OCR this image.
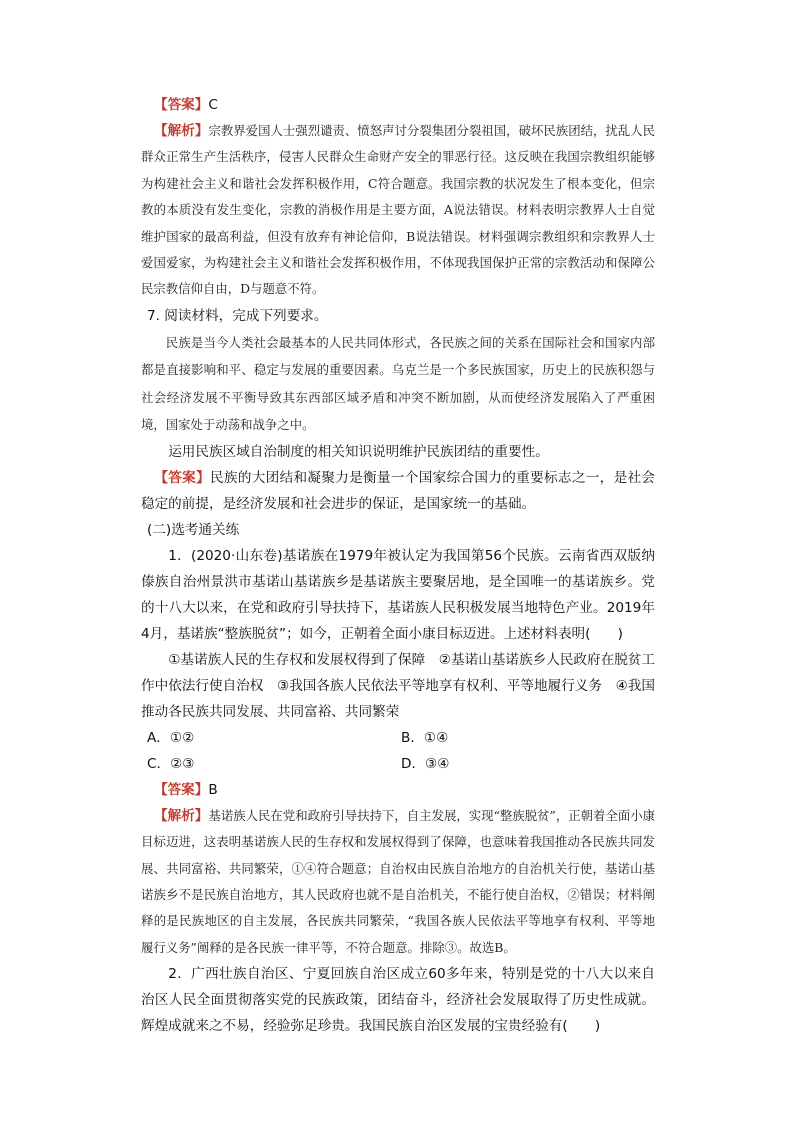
【答案】C

【解析】宗教界爱国人士强烈谴责、愤怒声讨分裂集团分裂祖国，破坏民族团结，扰乱人民群众正常生产生活秩序，侵害人民群众生命财产安全的罪恶行径。这反映在我国宗教组织能够为构建社会主义和谐社会发挥积极作用，C符合题意。我国宗教的状况发生了根本变化，但宗教的本质没有发生变化，宗教的消极作用是主要方面，A说法错误。材料表明宗教界人士自觉维护国家的最高利益，但没有放弃有神论信仰，B说法错误。材料强调宗教组织和宗教界人士爱国爱家，为构建社会主义和谐社会发挥积极作用，不体现我国保护正常的宗教活动和保障公民宗教信仰自由，D与题意不符。

7. 阅读材料，完成下列要求。

民族是当今人类社会最基本的人民共同体形式，各民族之间的关系在国际社会和国家内部都是直接影响和平、稳定与发展的重要因素。乌克兰是一个多民族国家，历史上的民族积怨与社会经济发展不平衡导致其东西部区域矛盾和冲突不断加剧，从而使经济发展陷入了严重困境，国家处于动荡和战争之中。

运用民族区域自治制度的相关知识说明维护民族团结的重要性。

【答案】民族的大团结和凝聚力是衡量一个国家综合国力的重要标志之一，是社会稳定的前提，是经济发展和社会进步的保证，是国家统一的基础。

(二)选考通关练

1．(2020·山东卷)基诺族在1979年被认定为我国第56个民族。云南省西双版纳傣族自治州景洪市基诺山基诺族乡是基诺族主要聚居地，是全国唯一的基诺族乡。党的十八大以来，在党和政府引导扶持下，基诺族人民积极发展当地特色产业。2019年4月，基诺族“整族脱贫”；如今，正朝着全面小康目标迈进。上述材料表明(　　)

①基诺族人民的生存权和发展权得到了保障　②基诺山基诺族乡人民政府在脱贫工作中依法行使自治权　③我国各族人民依法平等地享有权利、平等地履行义务　④我国推动各民族共同发展、共同富裕、共同繁荣

A．①②	B．①④
C．②③	D．③④

【答案】B

【解析】基诺族人民在党和政府引导扶持下，自主发展，实现“整族脱贫”，正朝着全面小康目标迈进，这表明基诺族人民的生存权和发展权得到了保障，也意味着我国推动各民族共同发展、共同富裕、共同繁荣，①④符合题意；自治权由民族自治地方的自治机关行使，基诺山基诺族乡不是民族自治地方，其人民政府也就不是自治机关，不能行使自治权，②错误；材料阐释的是民族地区的自主发展，各民族共同繁荣，“我国各族人民依法平等地享有权利、平等地履行义务”阐释的是各民族一律平等，不符合题意。排除③。故选B。

2．广西壮族自治区、宁夏回族自治区成立60多年来，特别是党的十八大以来自治区人民全面贯彻落实党的民族政策，团结奋斗，经济社会发展取得了历史性成就。辉煌成就来之不易，经验弥足珍贵。我国民族自治区发展的宝贵经验有(　　)
